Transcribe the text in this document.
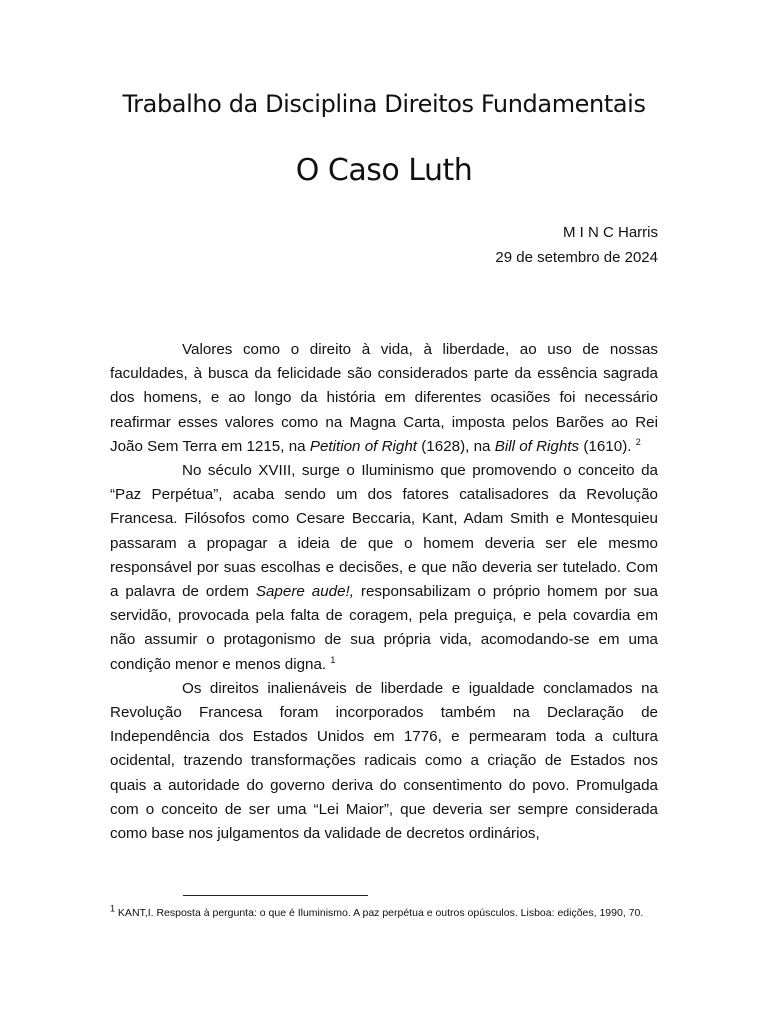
Trabalho da Disciplina Direitos Fundamentais
O Caso Luth
M I N C Harris
29 de setembro de 2024

Valores como o direito à vida, à liberdade, ao uso de nossas faculdades, à busca da felicidade são considerados parte da essência sagrada dos homens, e ao longo da história em diferentes ocasiões foi necessário reafirmar esses valores como na Magna Carta, imposta pelos Barões ao Rei João Sem Terra em 1215, na Petition of Right (1628), na Bill of Rights (1610). $^2$

No século XVIII, surge o Iluminismo que promovendo o conceito da “Paz Perpétua”, acaba sendo um dos fatores catalisadores da Revolução Francesa. Filósofos como Cesare Beccaria, Kant, Adam Smith e Montesquieu passaram a propagar a ideia de que o homem deveria ser ele mesmo responsável por suas escolhas e decisões, e que não deveria ser tutelado. Com a palavra de ordem Sapere aude!, responsabilizam o próprio homem por sua servidão, provocada pela falta de coragem, pela preguiça, e pela covardia em não assumir o protagonismo de sua própria vida, acomodando-se em uma condição menor e menos digna. $^1$

Os direitos inalienáveis de liberdade e igualdade conclamados na Revolução Francesa foram incorporados também na Declaração de Independência dos Estados Unidos em 1776, e permearam toda a cultura ocidental, trazendo transformações radicais como a criação de Estados nos quais a autoridade do governo deriva do consentimento do povo. Promulgada com o conceito de ser uma “Lei Maior”, que deveria ser sempre considerada como base nos julgamentos da validade de decretos ordinários,

$^1$ KANT,I. Resposta à pergunta: o que é Iluminismo. A paz perpétua e outros opúsculos. Lisboa: edições, 1990, 70.
